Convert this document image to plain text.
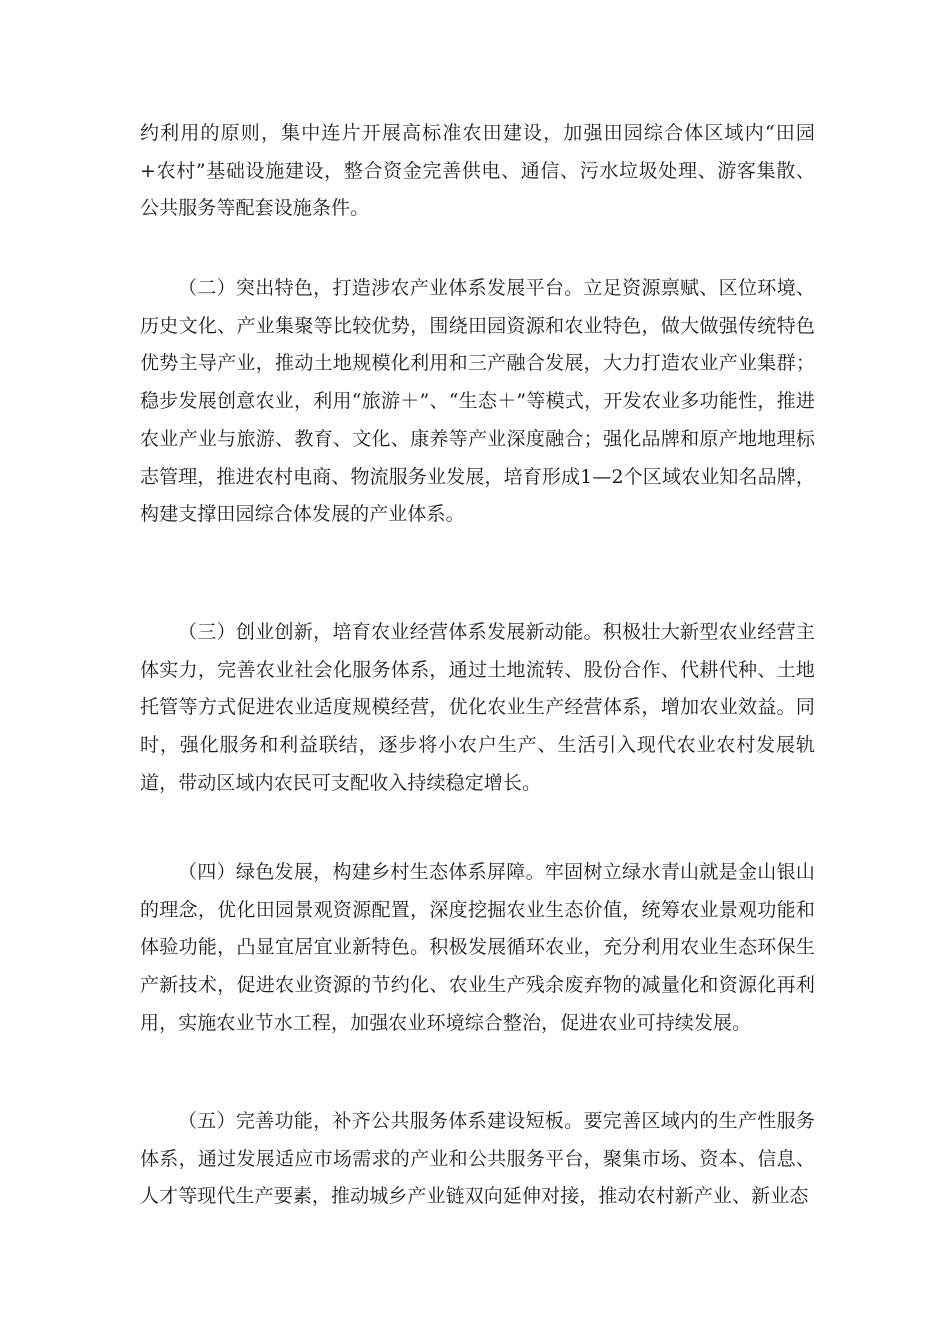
约利用的原则，集中连片开展高标准农田建设，加强田园综合体区域内“田园+农村”基础设施建设，整合资金完善供电、通信、污水垃圾处理、游客集散、公共服务等配套设施条件。

（二）突出特色，打造涉农产业体系发展平台。立足资源禀赋、区位环境、历史文化、产业集聚等比较优势，围绕田园资源和农业特色，做大做强传统特色优势主导产业，推动土地规模化利用和三产融合发展，大力打造农业产业集群；稳步发展创意农业，利用“旅游＋”、“生态＋”等模式，开发农业多功能性，推进农业产业与旅游、教育、文化、康养等产业深度融合；强化品牌和原产地地理标志管理，推进农村电商、物流服务业发展，培育形成1—2个区域农业知名品牌，构建支撑田园综合体发展的产业体系。

（三）创业创新，培育农业经营体系发展新动能。积极壮大新型农业经营主体实力，完善农业社会化服务体系，通过土地流转、股份合作、代耕代种、土地托管等方式促进农业适度规模经营，优化农业生产经营体系，增加农业效益。同时，强化服务和利益联结，逐步将小农户生产、生活引入现代农业农村发展轨道，带动区域内农民可支配收入持续稳定增长。

（四）绿色发展，构建乡村生态体系屏障。牢固树立绿水青山就是金山银山的理念，优化田园景观资源配置，深度挖掘农业生态价值，统筹农业景观功能和体验功能，凸显宜居宜业新特色。积极发展循环农业，充分利用农业生态环保生产新技术，促进农业资源的节约化、农业生产残余废弃物的减量化和资源化再利用，实施农业节水工程，加强农业环境综合整治，促进农业可持续发展。

（五）完善功能，补齐公共服务体系建设短板。要完善区域内的生产性服务体系，通过发展适应市场需求的产业和公共服务平台，聚集市场、资本、信息、人才等现代生产要素，推动城乡产业链双向延伸对接，推动农村新产业、新业态
